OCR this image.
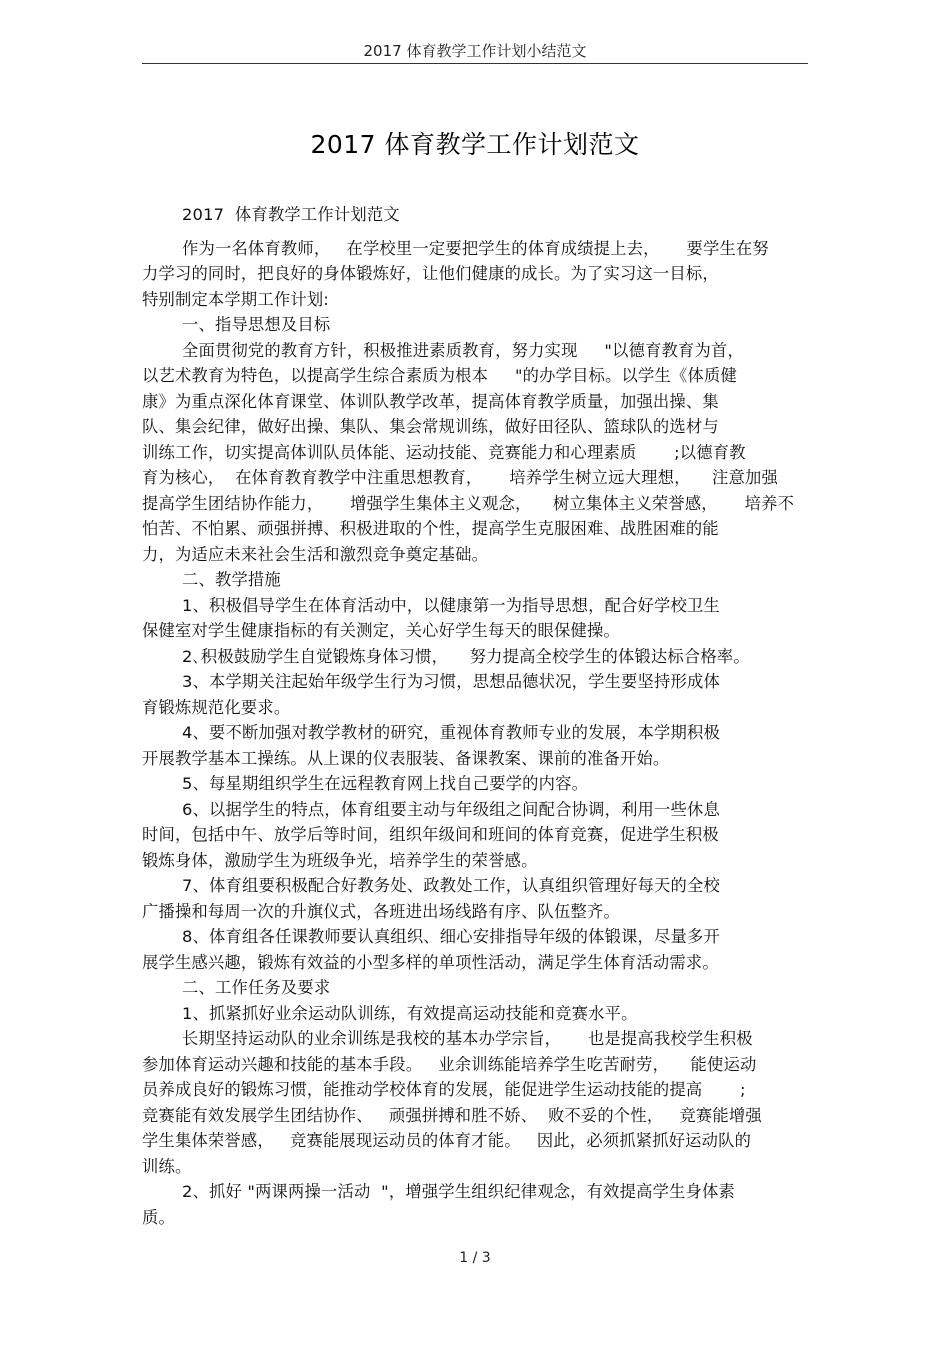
2017 体育教学工作计划小结范文
2017 体育教学工作计划范文
2017  体育教学工作计划范文
作为一名体育教师，   在学校里一定要把学生的体育成绩提上去，     要学生在努
力学习的同时，把良好的身体锻炼好，让他们健康的成长。为了实习这一目标，
特别制定本学期工作计划:
一、指导思想及目标
全面贯彻党的教育方针，积极推进素质教育，努力实现     "以德育教育为首，
以艺术教育为特色，以提高学生综合素质为根本     "的办学目标。以学生《体质健
康》为重点深化体育课堂、体训队教学改革，提高体育教学质量，加强出操、集
队、集会纪律，做好出操、集队、集会常规训练，做好田径队、篮球队的选材与
训练工作，切实提高体训队员体能、运动技能、竞赛能力和心理素质       ;以德育教
育为核心，  在体育教育教学中注重思想教育，     培养学生树立远大理想，    注意加强
提高学生团结协作能力，     增强学生集体主义观念，    树立集体主义荣誉感，     培养不
怕苦、不怕累、顽强拼搏、积极进取的个性，提高学生克服困难、战胜困难的能
力，为适应未来社会生活和激烈竞争奠定基础。
二、教学措施
1、积极倡导学生在体育活动中，以健康第一为指导思想，配合好学校卫生
保健室对学生健康指标的有关测定，关心好学生每天的眼保健操。
2､积极鼓励学生自觉锻炼身体习惯，    努力提高全校学生的体锻达标合格率。
3、本学期关注起始年级学生行为习惯，思想品德状况，学生要坚持形成体
育锻炼规范化要求。
4、要不断加强对教学教材的研究，重视体育教师专业的发展，本学期积极
开展教学基本工操练。从上课的仪表服装、备课教案、课前的准备开始。
5、每星期组织学生在远程教育网上找自己要学的内容。
6、以据学生的特点，体育组要主动与年级组之间配合协调，利用一些休息
时间，包括中午、放学后等时间，组织年级间和班间的体育竞赛，促进学生积极
锻炼身体，激励学生为班级争光，培养学生的荣誉感。
7、体育组要积极配合好教务处、政教处工作，认真组织管理好每天的全校
广播操和每周一次的升旗仪式，各班进出场线路有序、队伍整齐。
8、体育组各任课教师要认真组织、细心安排指导年级的体锻课，尽量多开
展学生感兴趣，锻炼有效益的小型多样的单项性活动，满足学生体育活动需求。
二、工作任务及要求
1、抓紧抓好业余运动队训练，有效提高运动技能和竞赛水平。
长期坚持运动队的业余训练是我校的基本办学宗旨，     也是提高我校学生积极
参加体育运动兴趣和技能的基本手段。   业余训练能培养学生吃苦耐劳，    能使运动
员养成良好的锻炼习惯，能推动学校体育的发展，能促进学生运动技能的提高       ;
竞赛能有效发展学生团结协作、   顽强拼搏和胜不娇、  败不妥的个性，   竞赛能增强
学生集体荣誉感，   竞赛能展现运动员的体育才能。   因此，必须抓紧抓好运动队的
训练。
2、抓好 "两课两操一活动  "，增强学生组织纪律观念，有效提高学生身体素
质。
1 / 3
